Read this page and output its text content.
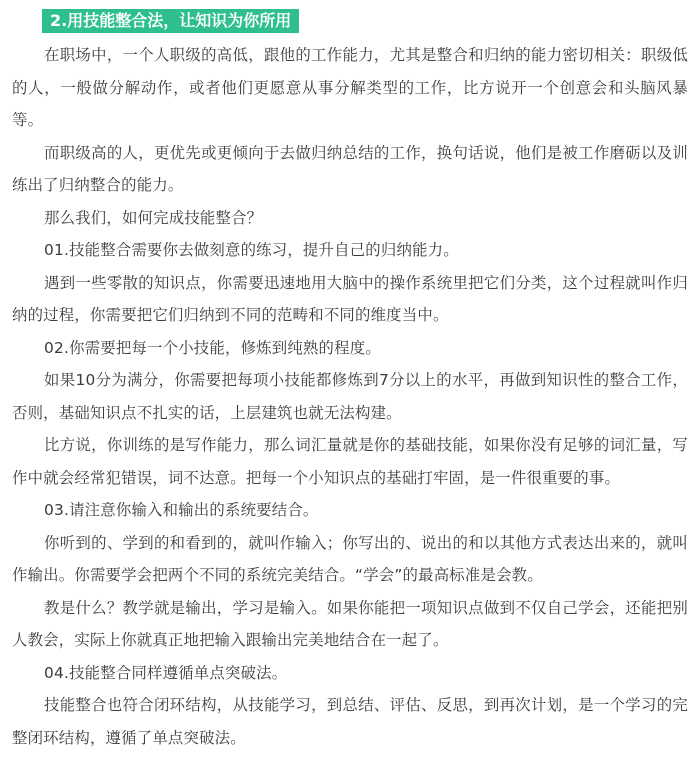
2.用技能整合法，让知识为你所用

在职场中，一个人职级的高低，跟他的工作能力，尤其是整合和归纳的能力密切相关：职级低的人，一般做分解动作，或者他们更愿意从事分解类型的工作，比方说开一个创意会和头脑风暴等。

而职级高的人，更优先或更倾向于去做归纳总结的工作，换句话说，他们是被工作磨砺以及训练出了归纳整合的能力。

那么我们，如何完成技能整合？

01.技能整合需要你去做刻意的练习，提升自己的归纳能力。

遇到一些零散的知识点，你需要迅速地用大脑中的操作系统里把它们分类，这个过程就叫作归纳的过程，你需要把它们归纳到不同的范畴和不同的维度当中。

02.你需要把每一个小技能，修炼到纯熟的程度。

如果10分为满分，你需要把每项小技能都修炼到7分以上的水平，再做到知识性的整合工作，否则，基础知识点不扎实的话，上层建筑也就无法构建。

比方说，你训练的是写作能力，那么词汇量就是你的基础技能，如果你没有足够的词汇量，写作中就会经常犯错误，词不达意。把每一个小知识点的基础打牢固，是一件很重要的事。

03.请注意你输入和输出的系统要结合。

你听到的、学到的和看到的，就叫作输入；你写出的、说出的和以其他方式表达出来的，就叫作输出。你需要学会把两个不同的系统完美结合。“学会”的最高标准是会教。

教是什么？教学就是输出，学习是输入。如果你能把一项知识点做到不仅自己学会，还能把别人教会，实际上你就真正地把输入跟输出完美地结合在一起了。

04.技能整合同样遵循单点突破法。

技能整合也符合闭环结构，从技能学习，到总结、评估、反思，到再次计划，是一个学习的完整闭环结构，遵循了单点突破法。
